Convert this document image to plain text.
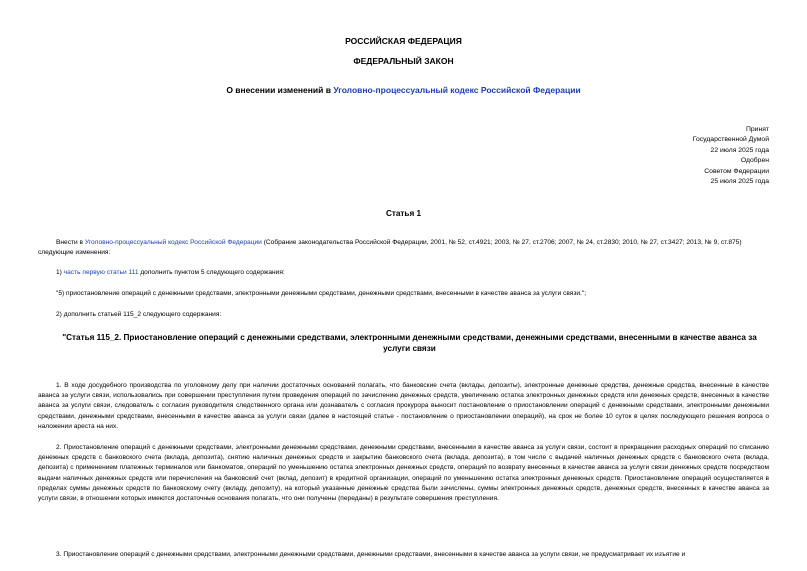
РОССИЙСКАЯ ФЕДЕРАЦИЯ
ФЕДЕРАЛЬНЫЙ ЗАКОН
О внесении изменений в Уголовно-процессуальный кодекс Российской Федерации
Принят
Государственной Думой
22 июля 2025 года
Одобрен
Советом Федерации
25 июля 2025 года
Статья 1
Внести в Уголовно-процессуальный кодекс Российской Федерации (Собрание законодательства Российской Федерации, 2001, № 52, ст.4921; 2003, № 27, ст.2706; 2007, № 24, ст.2830; 2010, № 27, ст.3427; 2013, № 9, ст.875) следующие изменения:
1) часть первую статьи 111 дополнить пунктом 5 следующего содержания:
"5) приостановление операций с денежными средствами, электронными денежными средствами, денежными средствами, внесенными в качестве аванса за услуги связи.";
2) дополнить статьей 115_2 следующего содержания:
"Статья 115_2. Приостановление операций с денежными средствами, электронными денежными средствами, денежными средствами, внесенными в качестве аванса за услуги связи
1. В ходе досудебного производства по уголовному делу при наличии достаточных оснований полагать, что банковские счета (вклады, депозиты), электронные денежные средства, денежные средства, внесенные в качестве аванса за услуги связи, использовались при совершении преступления путем проведения операций по зачислению денежных средств, увеличению остатка электронных денежных средств или денежных средств, внесенных в качестве аванса за услуги связи, следователь с согласия руководителя следственного органа или дознаватель с согласия прокурора выносит постановление о приостановлении операций с денежными средствами, электронными денежными средствами, денежными средствами, внесенными в качестве аванса за услуги связи (далее в настоящей статье - постановление о приостановлении операций), на срок не более 10 суток в целях последующего решения вопроса о наложении ареста на них.
2. Приостановление операций с денежными средствами, электронными денежными средствами, денежными средствами, внесенными в качестве аванса за услуги связи, состоит в прекращении расходных операций по списанию денежных средств с банковского счета (вклада, депозита), снятию наличных денежных средств и закрытию банковского счета (вклада, депозита), в том числе с выдачей наличных денежных средств с банковского счета (вклада, депозита) с применением платежных терминалов или банкоматов, операций по уменьшению остатка электронных денежных средств, операций по возврату внесенных в качестве аванса за услуги связи денежных средств посредством выдачи наличных денежных средств или перечисления на банковский счет (вклад, депозит) в кредитной организации, операций по уменьшению остатка электронных денежных средств. Приостановление операций осуществляется в пределах суммы денежных средств по банковскому счету (вкладу, депозиту), на который указанные денежные средства были зачислены, суммы электронных денежных средств, денежных средств, внесенных в качестве аванса за услуги связи, в отношении которых имеются достаточные основания полагать, что они получены (переданы) в результате совершения преступления.
3. Приостановление операций с денежными средствами, электронными денежными средствами, денежными средствами, внесенными в качестве аванса за услуги связи, не предусматривает их изъятие и
